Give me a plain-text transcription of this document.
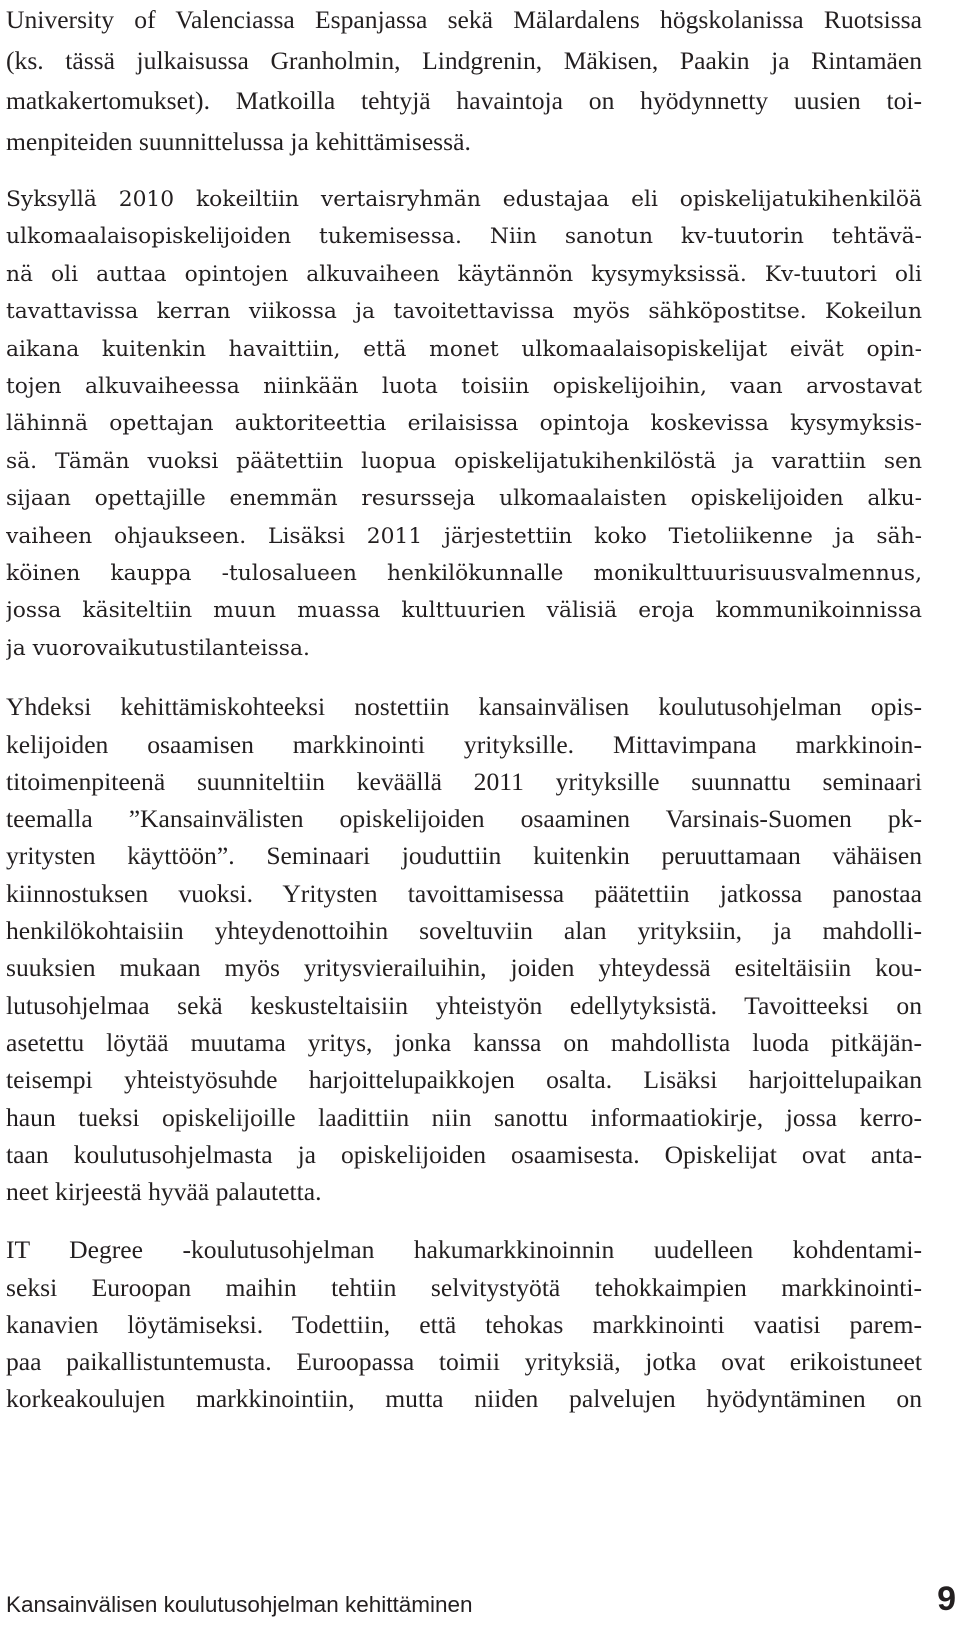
University of Valenciassa Espanjassa sekä Mälardalens högskolanissa Ruotsissa
(ks. tässä julkaisussa Granholmin, Lindgrenin, Mäkisen, Paakin ja Rintamäen
matkakertomukset). Matkoilla tehtyjä havaintoja on hyödynnetty uusien toi-
menpiteiden suunnittelussa ja kehittämisessä.

Syksyllä 2010 kokeiltiin vertaisryhmän edustajaa eli opiskelijatukihenkilöä
ulkomaalaisopiskelijoiden tukemisessa. Niin sanotun kv-tuutorin tehtävä-
nä oli auttaa opintojen alkuvaiheen käytännön kysymyksissä. Kv-tuutori oli
tavattavissa kerran viikossa ja tavoitettavissa myös sähköpostitse. Kokeilun
aikana kuitenkin havaittiin, että monet ulkomaalaisopiskelijat eivät opin-
tojen alkuvaiheessa niinkään luota toisiin opiskelijoihin, vaan arvostavat
lähinnä opettajan auktoriteettia erilaisissa opintoja koskevissa kysymyksis-
sä. Tämän vuoksi päätettiin luopua opiskelijatukihenkilöstä ja varattiin sen
sijaan opettajille enemmän resursseja ulkomaalaisten opiskelijoiden alku-
vaiheen ohjaukseen. Lisäksi 2011 järjestettiin koko Tietoliikenne ja säh-
köinen kauppa -tulosalueen henkilökunnalle monikulttuurisuusvalmennus,
jossa käsiteltiin muun muassa kulttuurien välisiä eroja kommunikoinnissa
ja vuorovaikutustilanteissa.

Yhdeksi kehittämiskohteeksi nostettiin kansainvälisen koulutusohjelman opis-
kelijoiden osaamisen markkinointi yrityksille. Mittavimpana markkinoin-
titoimenpiteenä suunniteltiin keväällä 2011 yrityksille suunnattu seminaari
teemalla ”Kansainvälisten opiskelijoiden osaaminen Varsinais-Suomen pk-
yritysten käyttöön”. Seminaari jouduttiin kuitenkin peruuttamaan vähäisen
kiinnostuksen vuoksi. Yritysten tavoittamisessa päätettiin jatkossa panostaa
henkilökohtaisiin yhteydenottoihin soveltuviin alan yrityksiin, ja mahdolli-
suuksien mukaan myös yritysvierailuihin, joiden yhteydessä esiteltäisiin kou-
lutusohjelmaa sekä keskusteltaisiin yhteistyön edellytyksistä. Tavoitteeksi on
asetettu löytää muutama yritys, jonka kanssa on mahdollista luoda pitkäjän-
teisempi yhteistyösuhde harjoittelupaikkojen osalta. Lisäksi harjoittelupaikan
haun tueksi opiskelijoille laadittiin niin sanottu informaatiokirje, jossa kerro-
taan koulutusohjelmasta ja opiskelijoiden osaamisesta. Opiskelijat ovat anta-
neet kirjeestä hyvää palautetta.

IT Degree -koulutusohjelman hakumarkkinoinnin uudelleen kohdentami-
seksi Euroopan maihin tehtiin selvitystyötä tehokkaimpien markkinointi-
kanavien löytämiseksi. Todettiin, että tehokas markkinointi vaatisi parem-
paa paikallistuntemusta. Euroopassa toimii yrityksiä, jotka ovat erikoistuneet
korkeakoulujen markkinointiin, mutta niiden palvelujen hyödyntäminen on

Kansainvälisen koulutusohjelman kehittäminen	9
